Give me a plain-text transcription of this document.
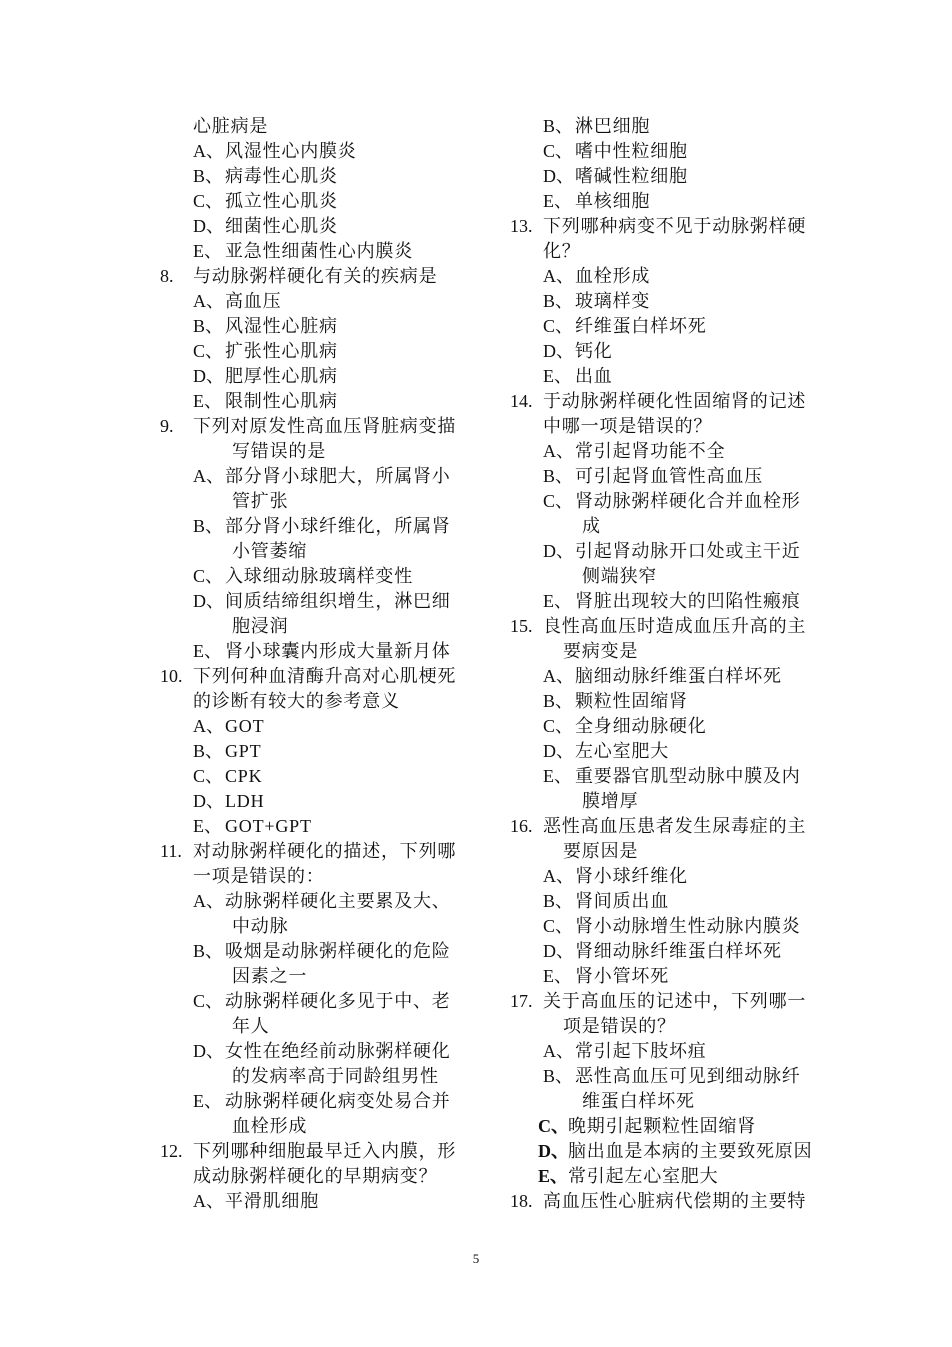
心脏病是
A、风湿性心内膜炎
B、 病毒性心肌炎
C、 孤立性心肌炎
D、细菌性心肌炎
E、 亚急性细菌性心内膜炎
8. 与动脉粥样硬化有关的疾病是
A、高血压
B、 风湿性心脏病
C、 扩张性心肌病
D、肥厚性心肌病
E、 限制性心肌病
9. 下列对原发性高血压肾脏病变描
写错误的是
A、部分肾小球肥大，所属肾小
管扩张
B、 部分肾小球纤维化，所属肾
小管萎缩
C、 入球细动脉玻璃样变性
D、间质结缔组织增生，淋巴细
胞浸润
E、 肾小球囊内形成大量新月体
10. 下列何种血清酶升高对心肌梗死
的诊断有较大的参考意义
A、GOT
B、 GPT
C、 CPK
D、LDH
E、 GOT+GPT
11. 对动脉粥样硬化的描述，下列哪
一项是错误的：
A、动脉粥样硬化主要累及大、
中动脉
B、 吸烟是动脉粥样硬化的危险
因素之一
C、 动脉粥样硬化多见于中、老
年人
D、女性在绝经前动脉粥样硬化
的发病率高于同龄组男性
E、 动脉粥样硬化病变处易合并
血栓形成
12. 下列哪种细胞最早迁入内膜，形
成动脉粥样硬化的早期病变？
A、平滑肌细胞
B、 淋巴细胞
C、 嗜中性粒细胞
D、嗜碱性粒细胞
E、 单核细胞
13. 下列哪种病变不见于动脉粥样硬
化？
A、血栓形成
B、 玻璃样变
C、 纤维蛋白样坏死
D、钙化
E、 出血
14. 于动脉粥样硬化性固缩肾的记述
中哪一项是错误的？
A、常引起肾功能不全
B、 可引起肾血管性高血压
C、 肾动脉粥样硬化合并血栓形
成
D、引起肾动脉开口处或主干近
侧端狭窄
E、 肾脏出现较大的凹陷性瘢痕
15. 良性高血压时造成血压升高的主
要病变是
A、脑细动脉纤维蛋白样坏死
B、 颗粒性固缩肾
C、 全身细动脉硬化
D、左心室肥大
E、 重要器官肌型动脉中膜及内
膜增厚
16. 恶性高血压患者发生尿毒症的主
要原因是
A、肾小球纤维化
B、 肾间质出血
C、 肾小动脉增生性动脉内膜炎
D、肾细动脉纤维蛋白样坏死
E、 肾小管坏死
17. 关于高血压的记述中，下列哪一
项是错误的？
A、常引起下肢坏疽
B、 恶性高血压可见到细动脉纤
维蛋白样坏死
C、晚期引起颗粒性固缩肾
D、脑出血是本病的主要致死原因
E、常引起左心室肥大
18. 高血压性心脏病代偿期的主要特
5
